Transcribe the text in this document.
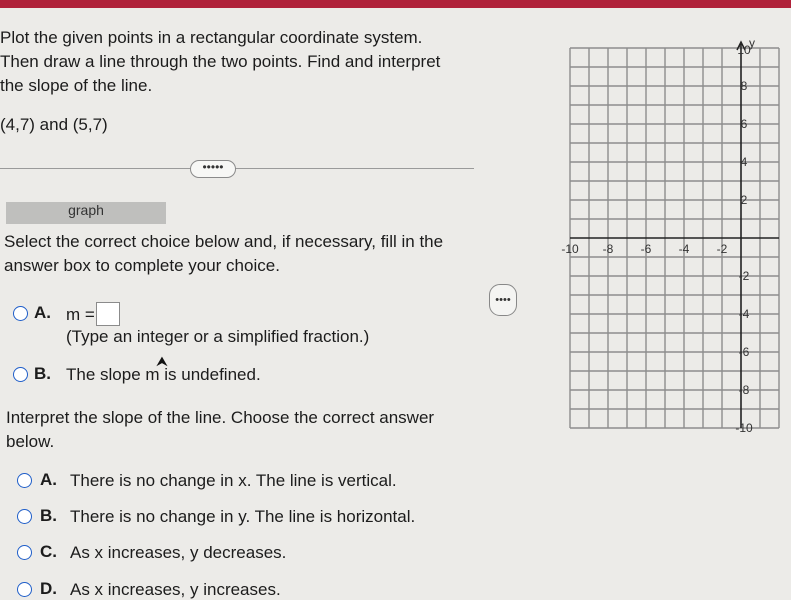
Plot the given points in a rectangular coordinate system.
Then draw a line through the two points. Find and interpret
the slope of the line.

(4,7) and (5,7)
•••••
graph
Select the correct choice below and, if necessary, fill in the answer box to complete your choice.
A. m =
(Type an integer or a simplified fraction.)
⮝
B. The slope m is undefined.
Interpret the slope of the line. Choose the correct answer below.
A. There is no change in x. The line is vertical.
B. There is no change in y. The line is horizontal.
C. As x increases, y decreases.
D. As x increases, y increases.
••••
y
-10 -8 -6 -4 -2
10
8
6
4
2
-2
-4
-6
-8
-10
